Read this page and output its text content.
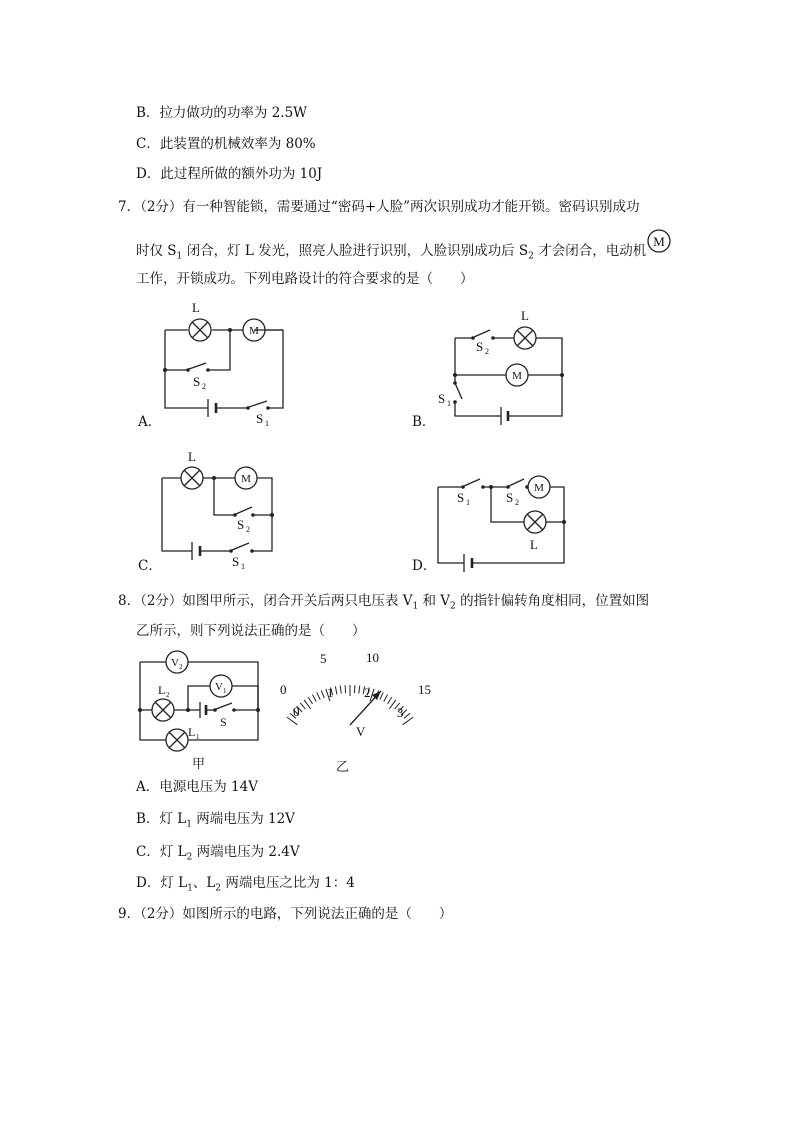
B．拉力做功的功率为 2.5W
C．此装置的机械效率为 80%
D．此过程所做的额外功为 10J
7．（2分）有一种智能锁，需要通过“密码+人脸”两次识别成功才能开锁。密码识别成功
时仅 $S_1$ 闭合，灯 L 发光，照亮人脸进行识别，人脸识别成功后 $S_2$ 才会闭合，电动机
M
工作，开锁成功。下列电路设计的符合要求的是（　　）
M
L
S 2
S 1
A．
M
L
S 2
S 1
B．
M
L
S 2
S 1
C．
M
S 1	S 2
L
D．
8．（2分）如图甲所示，闭合开关后两只电压表 $V_1$ 和 $V_2$ 的指针偏转角度相同，位置如图
乙所示，则下列说法正确的是（　　）
V 2
V 1
L 2
S
L 1
甲
0
5	10
15
0
1 2
3
V
乙
A．电源电压为 14V
B．灯 $L_1$ 两端电压为 12V
C．灯 $L_2$ 两端电压为 2.4V
D．灯 $L_1$、$L_2$ 两端电压之比为 1：4
9．（2分）如图所示的电路，下列说法正确的是（　　）
